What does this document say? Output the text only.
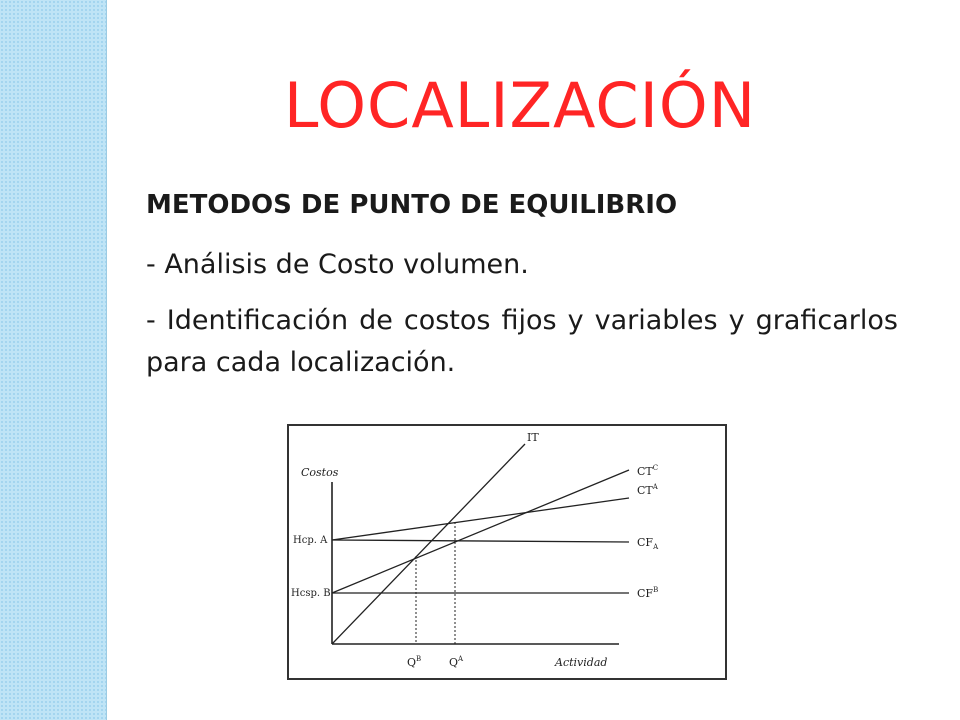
LOCALIZACIÓN

METODOS DE PUNTO DE EQUILIBRIO

- Análisis de Costo volumen.

- Identificación de costos fijos y variables y graficarlos para cada localización.

Costos
Actividad
Hcp. A
Hcsp. B
$Q^B$	$Q^A$
IT
$CT^C$
$CT^A$
$CF_A$
$CF^B$
